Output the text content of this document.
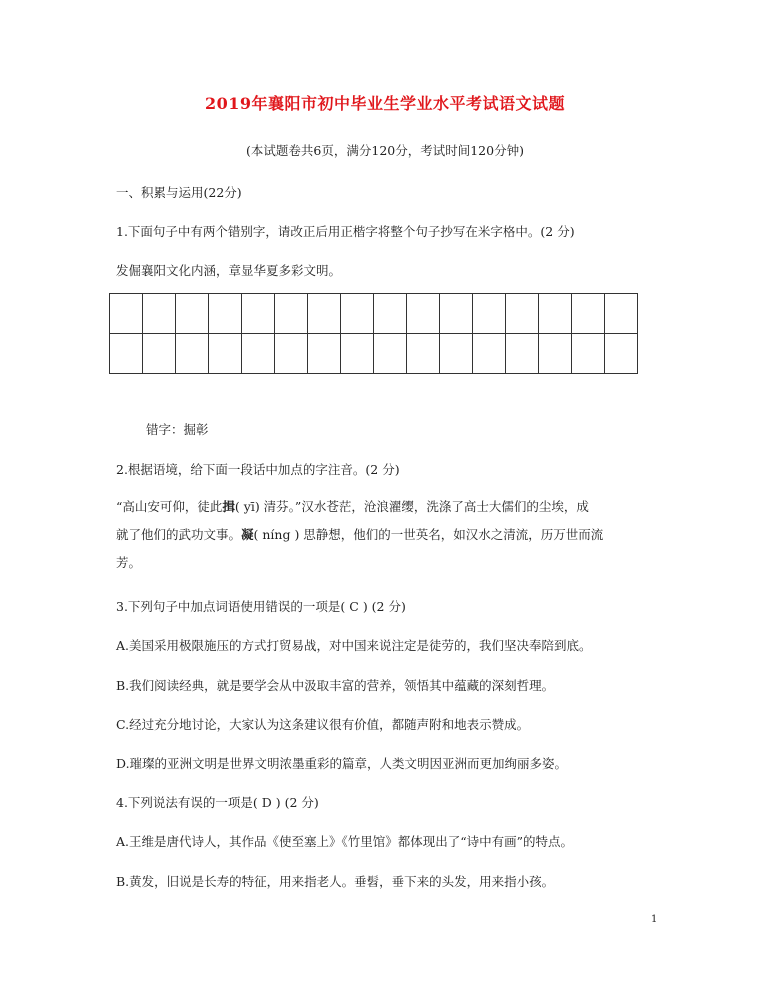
2019年襄阳市初中毕业生学业水平考试语文试题
(本试题卷共6页，满分120分，考试时间120分钟)
一、积累与运用(22分)
1.下面句子中有两个错别字，请改正后用正楷字将整个句子抄写在米字格中。(2 分)
发倔襄阳文化内涵，章显华夏多彩文明。

错字：掘彰
2.根据语境，给下面一段话中加点的字注音。(2 分)
“高山安可仰，徒此揖( yī) 清芬。”汉水苍茫，沧浪濯缨，洗涤了高士大儒们的尘埃，成
就了他们的武功文事。凝( níng ) 思静想，他们的一世英名，如汉水之清流，历万世而流
芳。
3.下列句子中加点词语使用错误的一项是( C ) (2 分)
A.美国采用极限施压的方式打贸易战，对中国来说注定是徒劳的，我们坚决奉陪到底。
B.我们阅读经典，就是要学会从中汲取丰富的营养，领悟其中蕴藏的深刻哲理。
C.经过充分地讨论，大家认为这条建议很有价值，都随声附和地表示赞成。
D.璀璨的亚洲文明是世界文明浓墨重彩的篇章，人类文明因亚洲而更加绚丽多姿。
4.下列说法有误的一项是( D ) (2 分)
A.王维是唐代诗人，其作品《使至塞上》《竹里馆》都体现出了“诗中有画”的特点。
B.黄发，旧说是长寿的特征，用来指老人。垂髫，垂下来的头发，用来指小孩。
1
